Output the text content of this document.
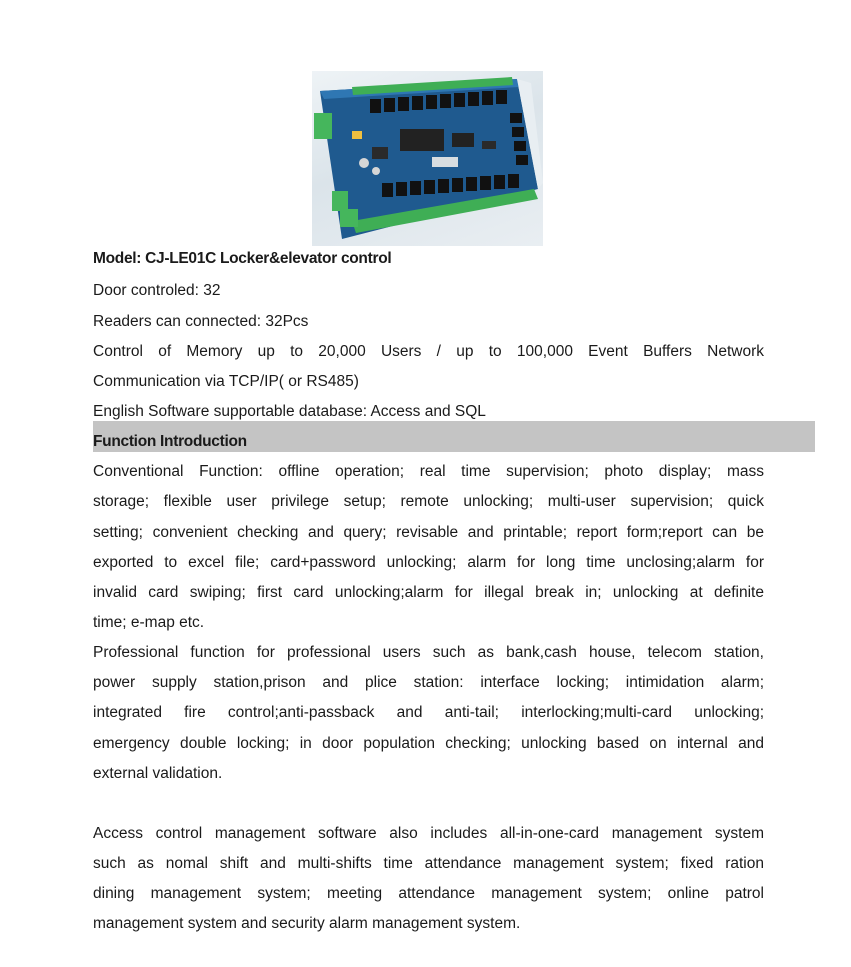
Model: CJ-LE01C Locker&elevator control
Door controled: 32
Readers can connected: 32Pcs
Control of Memory up to 20,000 Users / up to 100,000 Event Buffers Network
Communication via TCP/IP( or RS485)
English Software supportable database: Access and SQL
Function Introduction
Conventional Function: offline operation; real time supervision; photo display; mass
storage; flexible user privilege setup; remote unlocking; multi-user supervision; quick
setting; convenient checking and query; revisable and printable; report form;report can be
exported to excel file; card+password unlocking; alarm for long time unclosing;alarm for
invalid card swiping; first card unlocking;alarm for illegal break in; unlocking at definite
time; e-map etc.
Professional function for professional users such as bank,cash house, telecom station,
power supply station,prison and plice station: interface locking; intimidation alarm;
integrated fire control;anti-passback and anti-tail; interlocking;multi-card unlocking;
emergency double locking; in door population checking; unlocking based on internal and
external validation.
Access control management software also includes all-in-one-card management system
such as nomal shift and multi-shifts time attendance management system; fixed ration
dining management system; meeting attendance management system; online patrol
management system and security alarm management system.
